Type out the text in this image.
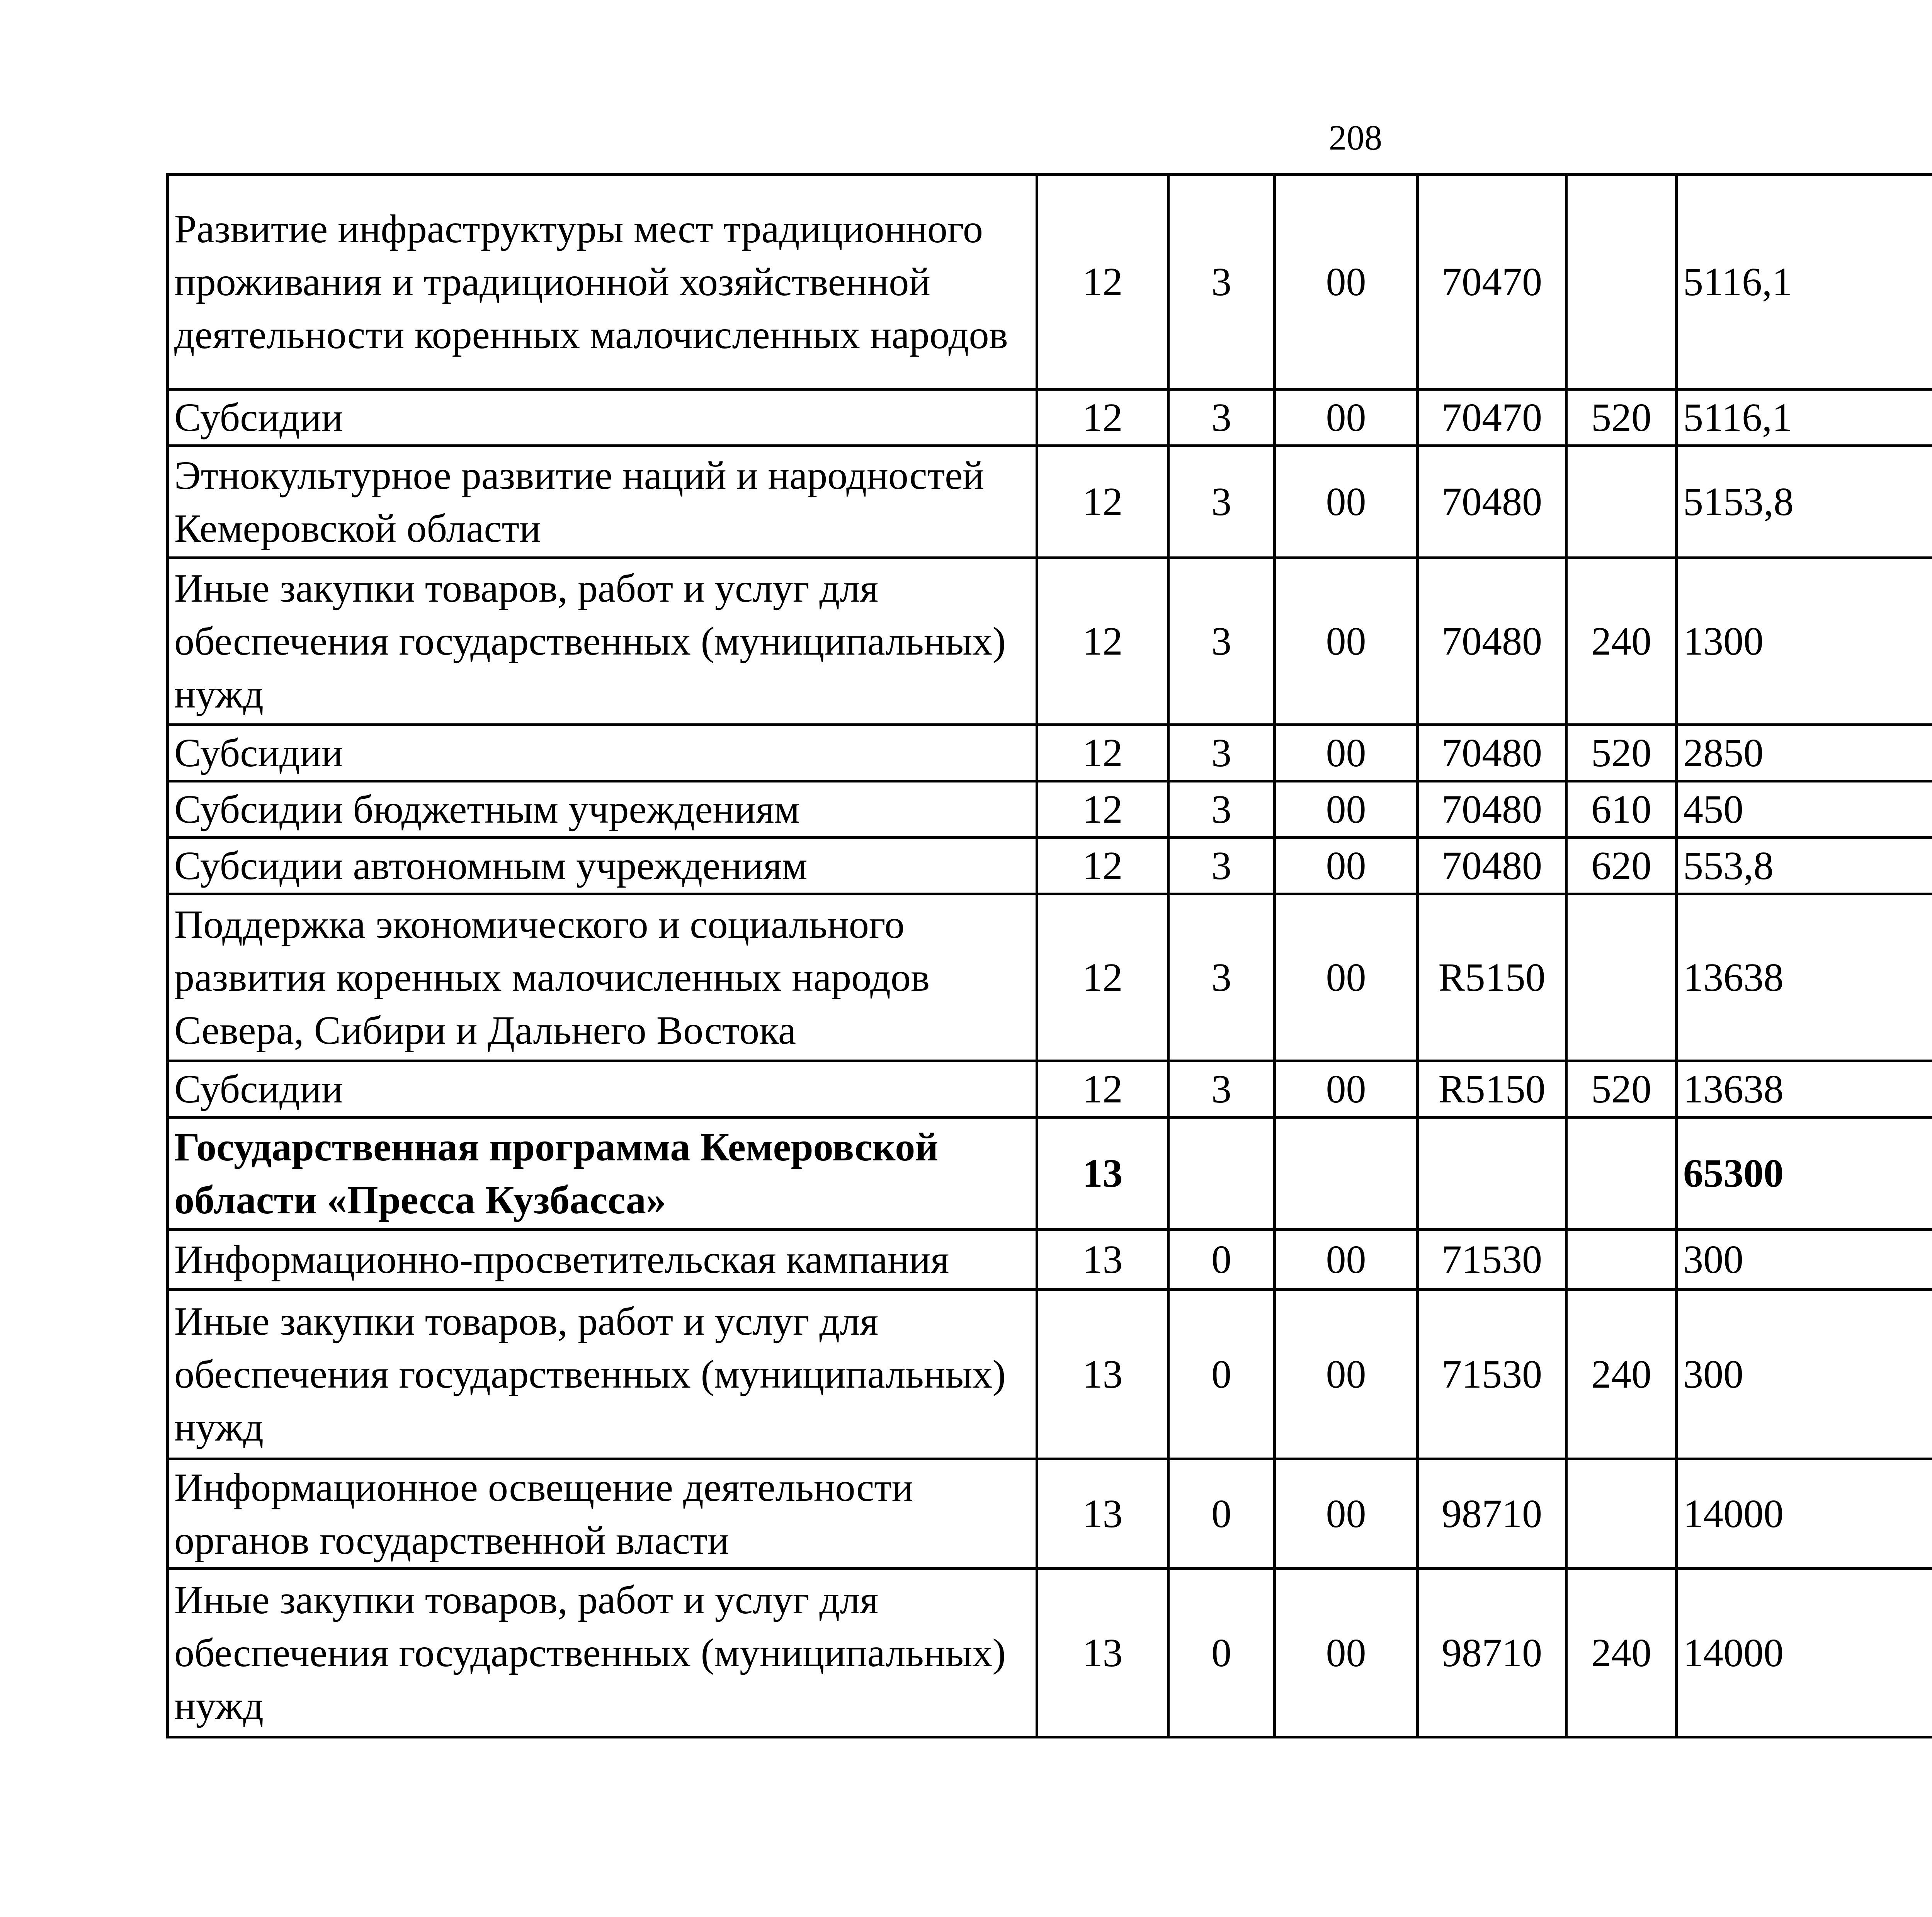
208
Развитие инфраструктуры мест традиционного проживания и традиционной хозяйственной деятельности коренных малочисленных народов	12	3	00	70470		5116,1		
Субсидии	12	3	00	70470	520	5116,1		
Этнокультурное развитие наций и народностей Кемеровской области	12	3	00	70480		5153,8		
Иные закупки товаров, работ и услуг для обеспечения государственных (муниципальных) нужд	12	3	00	70480	240	1300		
Субсидии	12	3	00	70480	520	2850		
Субсидии бюджетным учреждениям	12	3	00	70480	610	450		
Субсидии автономным учреждениям	12	3	00	70480	620	553,8		
Поддержка экономического и социального развития коренных малочисленных народов Севера, Сибири и Дальнего Востока	12	3	00	R5150		13638		
Субсидии	12	3	00	R5150	520	13638		
Государственная программа Кемеровской области «Пресса Кузбасса»	13					65300		
Информационно-просветительская кампания	13	0	00	71530		300		
Иные закупки товаров, работ и услуг для обеспечения государственных (муниципальных) нужд	13	0	00	71530	240	300		
Информационное освещение деятельности органов государственной власти	13	0	00	98710		14000		
Иные закупки товаров, работ и услуг для обеспечения государственных (муниципальных) нужд	13	0	00	98710	240	14000		
